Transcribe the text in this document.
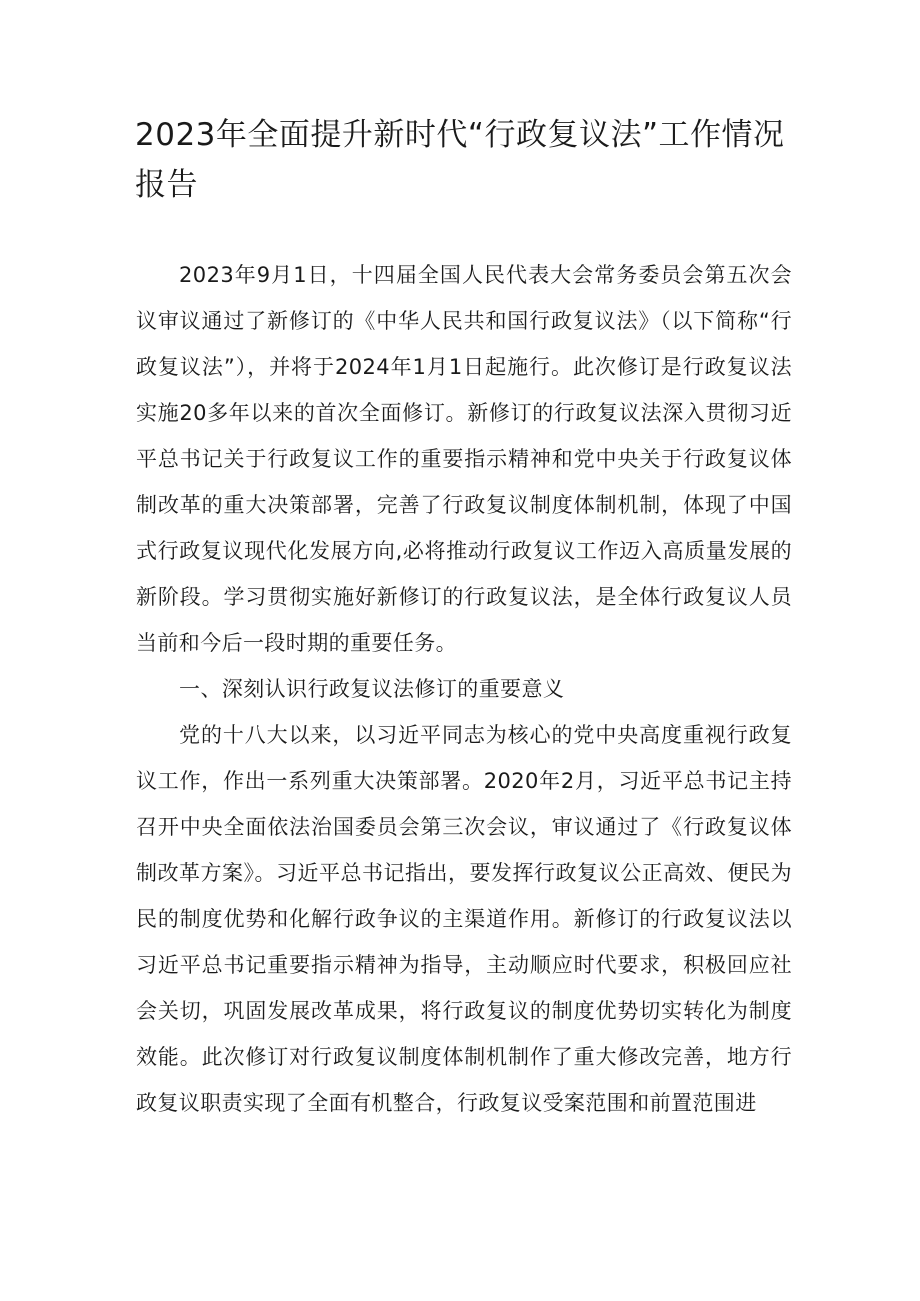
2023年全面提升新时代“行政复议法”工作情况报告

2023年9月1日，十四届全国人民代表大会常务委员会第五次会议审议通过了新修订的《中华人民共和国行政复议法》（以下简称“行政复议法”），并将于2024年1月1日起施行。此次修订是行政复议法实施20多年以来的首次全面修订。新修订的行政复议法深入贯彻习近平总书记关于行政复议工作的重要指示精神和党中央关于行政复议体制改革的重大决策部署，完善了行政复议制度体制机制，体现了中国式行政复议现代化发展方向,必将推动行政复议工作迈入高质量发展的新阶段。学习贯彻实施好新修订的行政复议法，是全体行政复议人员当前和今后一段时期的重要任务。

一、深刻认识行政复议法修订的重要意义

党的十八大以来，以习近平同志为核心的党中央高度重视行政复议工作，作出一系列重大决策部署。2020年2月，习近平总书记主持召开中央全面依法治国委员会第三次会议，审议通过了《行政复议体制改革方案》。习近平总书记指出，要发挥行政复议公正高效、便民为民的制度优势和化解行政争议的主渠道作用。新修订的行政复议法以习近平总书记重要指示精神为指导，主动顺应时代要求，积极回应社会关切，巩固发展改革成果，将行政复议的制度优势切实转化为制度效能。此次修订对行政复议制度体制机制作了重大修改完善，地方行政复议职责实现了全面有机整合，行政复议受案范围和前置范围进
